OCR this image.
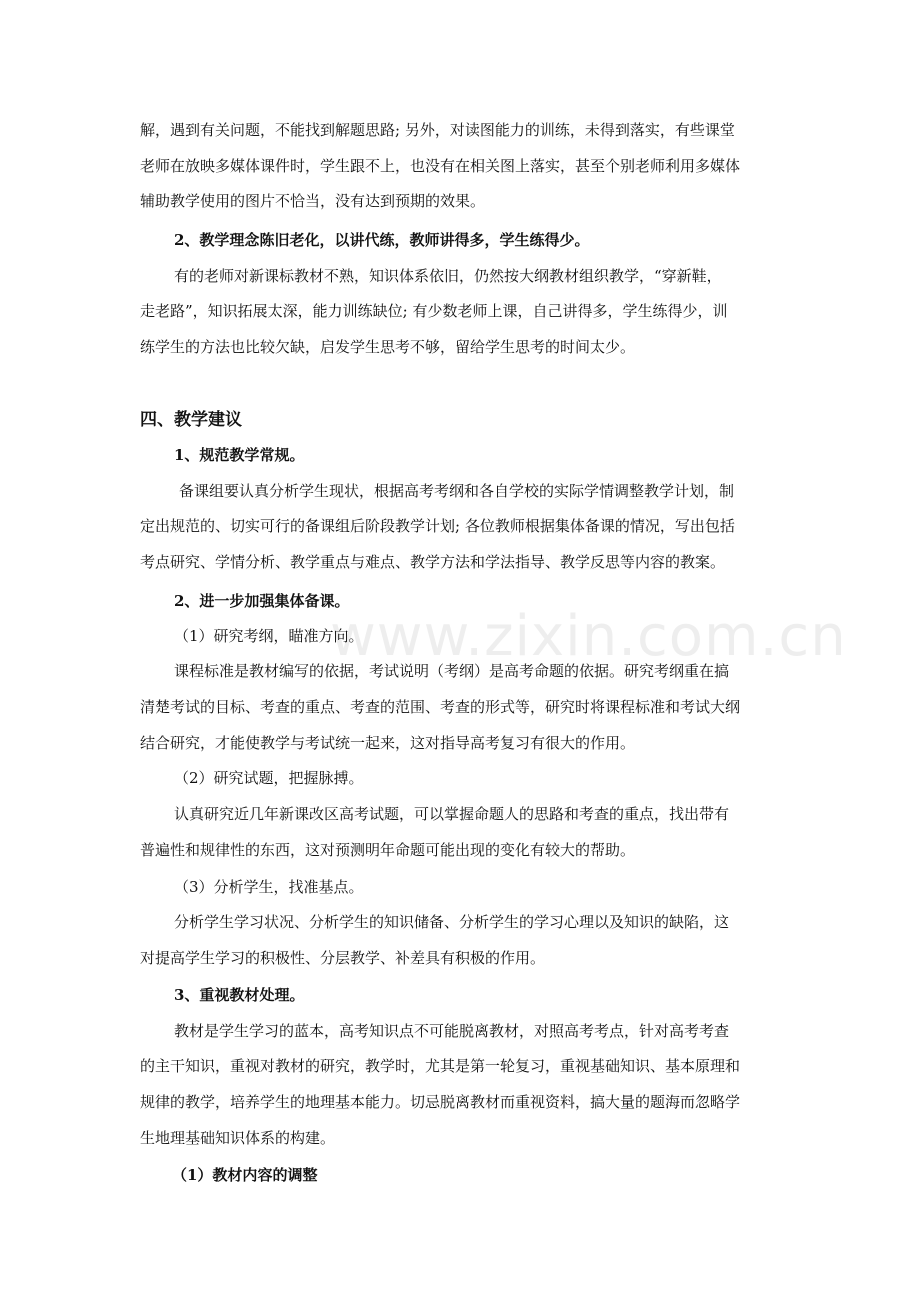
www.zixin.com.cn

解，遇到有关问题，不能找到解题思路; 另外，对读图能力的训练，未得到落实，有些课堂

老师在放映多媒体课件时，学生跟不上，也没有在相关图上落实，甚至个别老师利用多媒体

辅助教学使用的图片不恰当，没有达到预期的效果。

2、教学理念陈旧老化，以讲代练，教师讲得多，学生练得少。

有的老师对新课标教材不熟，知识体系依旧，仍然按大纲教材组织教学，“穿新鞋，

走老路”，知识拓展太深，能力训练缺位; 有少数老师上课，自己讲得多，学生练得少，训

练学生的方法也比较欠缺，启发学生思考不够，留给学生思考的时间太少。

四、教学建议

1、规范教学常规。

备课组要认真分析学生现状，根据高考考纲和各自学校的实际学情调整教学计划，制

定出规范的、切实可行的备课组后阶段教学计划; 各位教师根据集体备课的情况，写出包括

考点研究、学情分析、教学重点与难点、教学方法和学法指导、教学反思等内容的教案。

2、进一步加强集体备课。

（1）研究考纲，瞄准方向。

课程标准是教材编写的依据，考试说明（考纲）是高考命题的依据。研究考纲重在搞

清楚考试的目标、考查的重点、考查的范围、考查的形式等，研究时将课程标准和考试大纲

结合研究，才能使教学与考试统一起来，这对指导高考复习有很大的作用。

（2）研究试题，把握脉搏。

认真研究近几年新课改区高考试题，可以掌握命题人的思路和考查的重点，找出带有

普遍性和规律性的东西，这对预测明年命题可能出现的变化有较大的帮助。

（3）分析学生，找准基点。

分析学生学习状况、分析学生的知识储备、分析学生的学习心理以及知识的缺陷，这

对提高学生学习的积极性、分层教学、补差具有积极的作用。

3、重视教材处理。

教材是学生学习的蓝本，高考知识点不可能脱离教材，对照高考考点，针对高考考查

的主干知识，重视对教材的研究，教学时，尤其是第一轮复习，重视基础知识、基本原理和

规律的教学，培养学生的地理基本能力。切忌脱离教材而重视资料，搞大量的题海而忽略学

生地理基础知识体系的构建。

（1）教材内容的调整
